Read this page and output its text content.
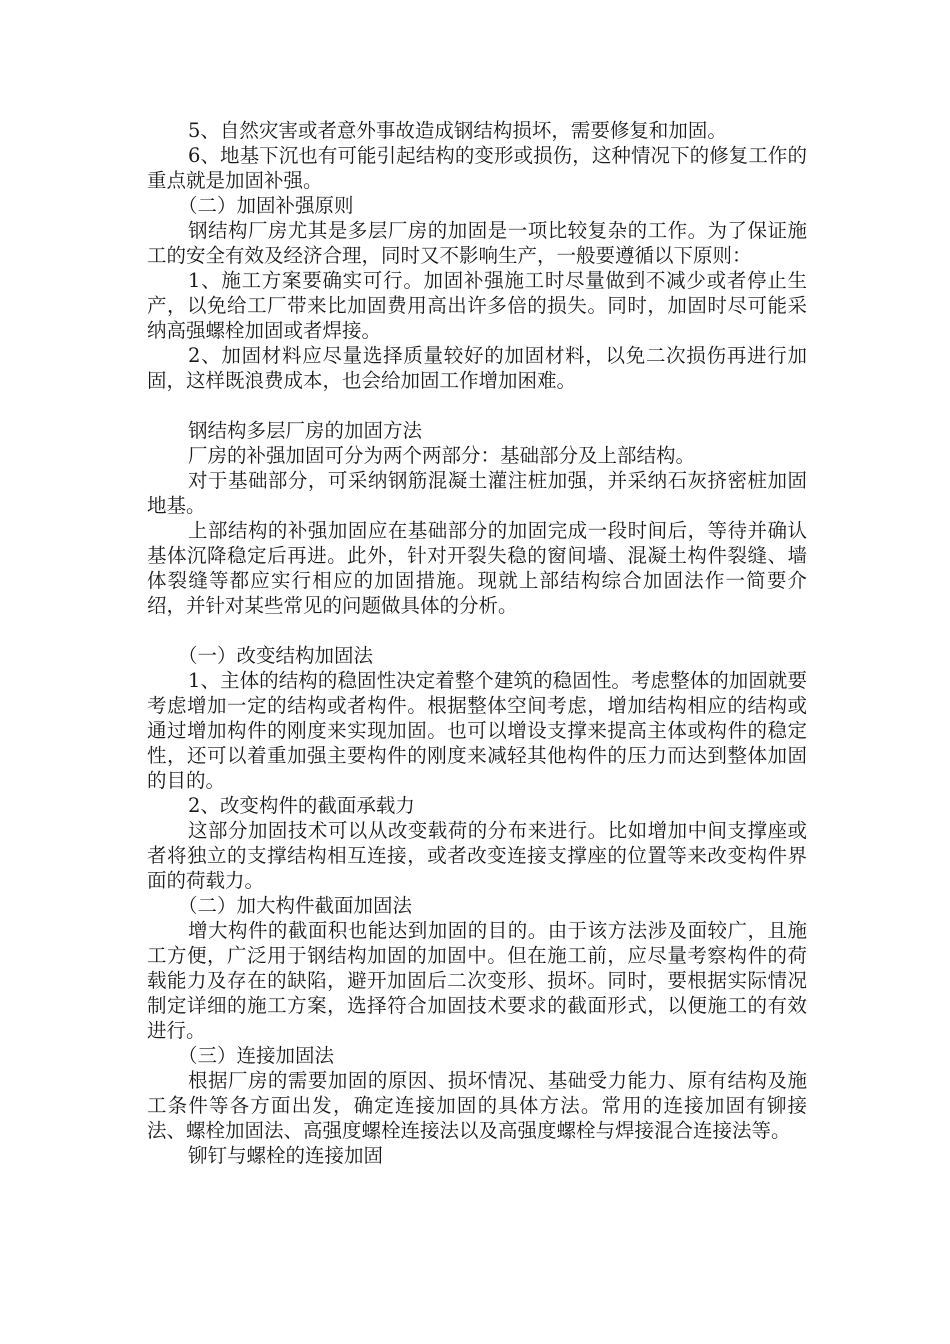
5、自然灾害或者意外事故造成钢结构损坏，需要修复和加固。

6、地基下沉也有可能引起结构的变形或损伤，这种情况下的修复工作的重点就是加固补强。

（二）加固补强原则

钢结构厂房尤其是多层厂房的加固是一项比较复杂的工作。为了保证施工的安全有效及经济合理，同时又不影响生产，一般要遵循以下原则：

1、施工方案要确实可行。加固补强施工时尽量做到不减少或者停止生产，以免给工厂带来比加固费用高出许多倍的损失。同时，加固时尽可能采纳高强螺栓加固或者焊接。

2、加固材料应尽量选择质量较好的加固材料，以免二次损伤再进行加固，这样既浪费成本，也会给加固工作增加困难。

钢结构多层厂房的加固方法

厂房的补强加固可分为两个两部分：基础部分及上部结构。

对于基础部分，可采纳钢筋混凝土灌注桩加强，并采纳石灰挤密桩加固地基。

上部结构的补强加固应在基础部分的加固完成一段时间后，等待并确认基体沉降稳定后再进。此外，针对开裂失稳的窗间墙、混凝土构件裂缝、墙体裂缝等都应实行相应的加固措施。现就上部结构综合加固法作一简要介绍，并针对某些常见的问题做具体的分析。

（一）改变结构加固法

1、主体的结构的稳固性决定着整个建筑的稳固性。考虑整体的加固就要考虑增加一定的结构或者构件。根据整体空间考虑，增加结构相应的结构或通过增加构件的刚度来实现加固。也可以增设支撑来提高主体或构件的稳定性，还可以着重加强主要构件的刚度来减轻其他构件的压力而达到整体加固的目的。

2、改变构件的截面承载力

这部分加固技术可以从改变载荷的分布来进行。比如增加中间支撑座或者将独立的支撑结构相互连接，或者改变连接支撑座的位置等来改变构件界面的荷载力。

（二）加大构件截面加固法

增大构件的截面积也能达到加固的目的。由于该方法涉及面较广，且施工方便，广泛用于钢结构加固的加固中。但在施工前，应尽量考察构件的荷载能力及存在的缺陷，避开加固后二次变形、损坏。同时，要根据实际情况制定详细的施工方案，选择符合加固技术要求的截面形式，以便施工的有效进行。

（三）连接加固法

根据厂房的需要加固的原因、损坏情况、基础受力能力、原有结构及施工条件等各方面出发，确定连接加固的具体方法。常用的连接加固有铆接法、螺栓加固法、高强度螺栓连接法以及高强度螺栓与焊接混合连接法等。

铆钉与螺栓的连接加固
